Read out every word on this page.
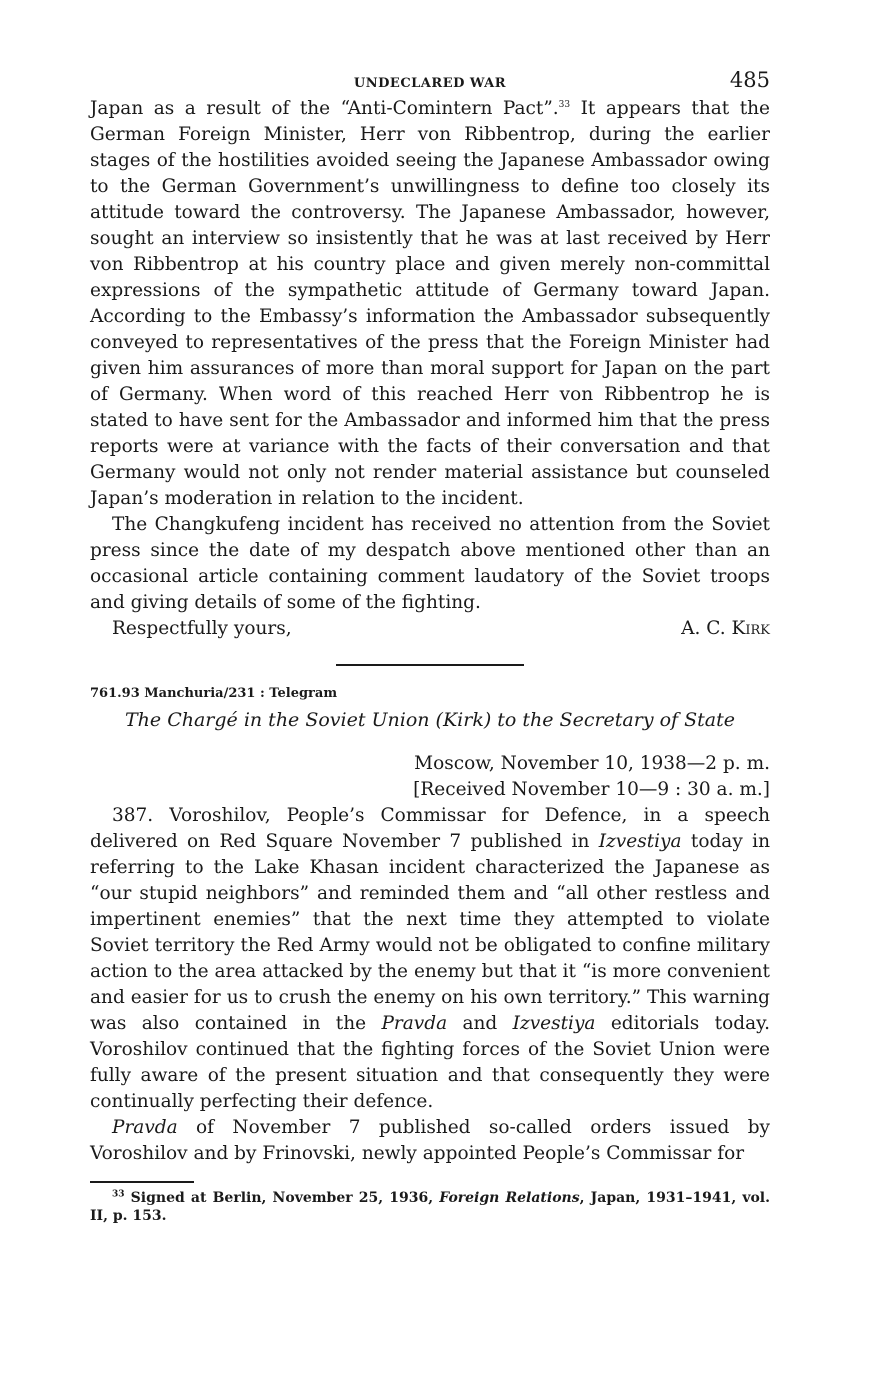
UNDECLARED WAR	485

Japan as a result of the “Anti-Comintern Pact”.$^{33}$ It appears that the German Foreign Minister, Herr von Ribbentrop, during the earlier stages of the hostilities avoided seeing the Japanese Ambassador owing to the German Government’s unwillingness to define too closely its attitude toward the controversy. The Japanese Ambassador, however, sought an interview so insistently that he was at last received by Herr von Ribbentrop at his country place and given merely non-committal expressions of the sympathetic attitude of Germany toward Japan. According to the Embassy’s information the Ambassador subsequently conveyed to representatives of the press that the Foreign Minister had given him assurances of more than moral support for Japan on the part of Germany. When word of this reached Herr von Ribbentrop he is stated to have sent for the Ambassador and informed him that the press reports were at variance with the facts of their conversation and that Germany would not only not render material assistance but counseled Japan’s moderation in relation to the incident.

The Changkufeng incident has received no attention from the Soviet press since the date of my despatch above mentioned other than an occasional article containing comment laudatory of the Soviet troops and giving details of some of the fighting.

Respectfully yours,	A. C. Kirk

761.93 Manchuria/231 : Telegram

The Chargé in the Soviet Union (Kirk) to the Secretary of State

Moscow, November 10, 1938—2 p. m.
[Received November 10—9 : 30 a. m.]

387. Voroshilov, People’s Commissar for Defence, in a speech delivered on Red Square November 7 published in Izvestiya today in referring to the Lake Khasan incident characterized the Japanese as “our stupid neighbors” and reminded them and “all other restless and impertinent enemies” that the next time they attempted to violate Soviet territory the Red Army would not be obligated to confine military action to the area attacked by the enemy but that it “is more convenient and easier for us to crush the enemy on his own territory.” This warning was also contained in the Pravda and Izvestiya editorials today. Voroshilov continued that the fighting forces of the Soviet Union were fully aware of the present situation and that consequently they were continually perfecting their defence.

Pravda of November 7 published so-called orders issued by Voroshilov and by Frinovski, newly appointed People’s Commissar for

$^{33}$ Signed at Berlin, November 25, 1936, Foreign Relations, Japan, 1931–1941, vol. II, p. 153.
